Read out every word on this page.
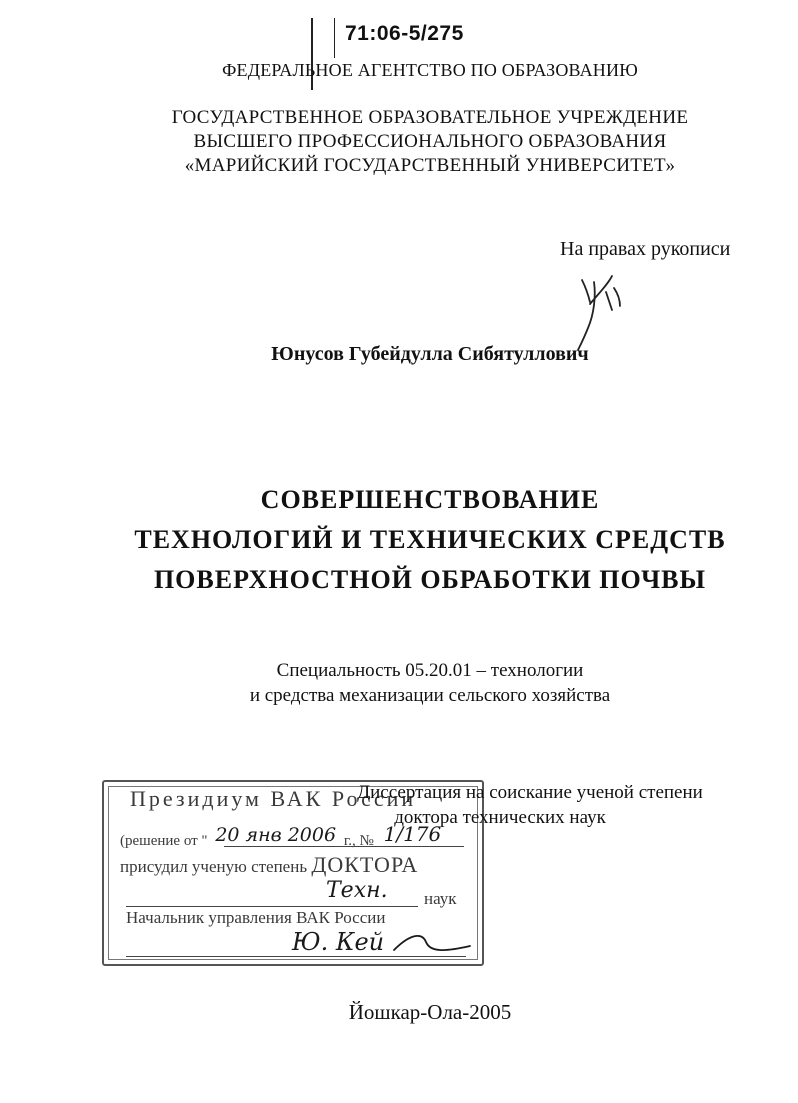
71:06-5/275
ФЕДЕРАЛЬНОЕ АГЕНТСТВО ПО ОБРАЗОВАНИЮ
ГОСУДАРСТВЕННОЕ ОБРАЗОВАТЕЛЬНОЕ УЧРЕЖДЕНИЕ
ВЫСШЕГО ПРОФЕССИОНАЛЬНОГО ОБРАЗОВАНИЯ
«МАРИЙСКИЙ ГОСУДАРСТВЕННЫЙ УНИВЕРСИТЕТ»
На правах рукописи
Юнусов Губейдулла Сибятуллович
СОВЕРШЕНСТВОВАНИЕ
ТЕХНОЛОГИЙ И ТЕХНИЧЕСКИХ СРЕДСТВ
ПОВЕРХНОСТНОЙ ОБРАБОТКИ ПОЧВЫ
Специальность 05.20.01 – технологии
и средства механизации сельского хозяйства
Президиум ВАК России
(решение от " 20 янв 2006 г., № 1/176
присудил ученую степень ДОКТОРА
Техн. наук
Начальник управления ВАК России
Ю. Кей
Диссертация на соискание ученой степени
доктора технических наук
Йошкар-Ола-2005
